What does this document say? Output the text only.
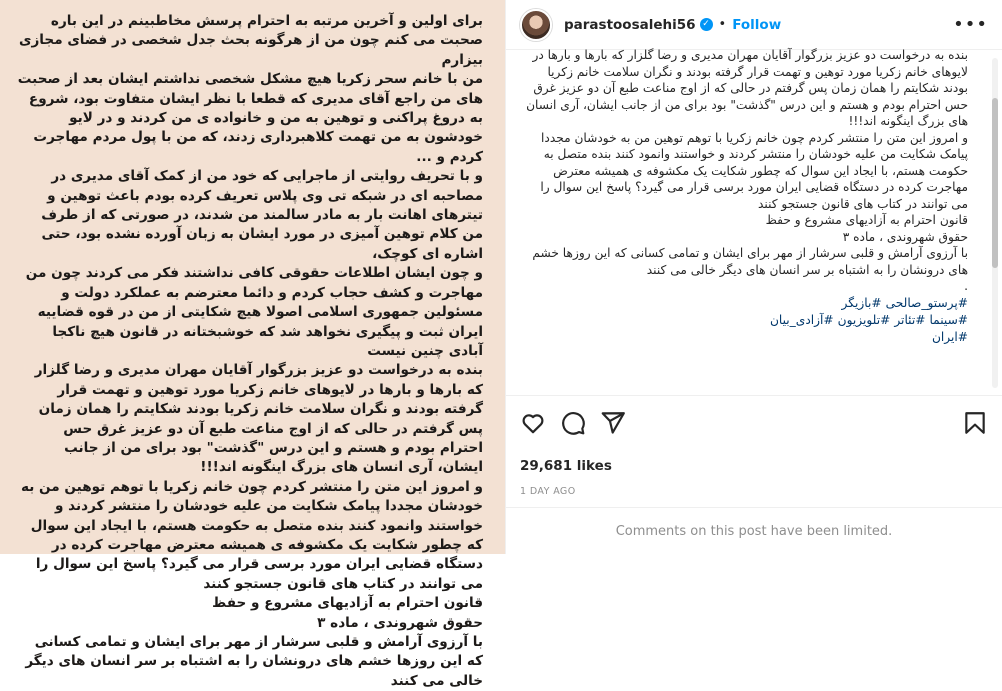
برای اولین و آخرین مرتبه به احترام پرسش مخاطبینم در این باره صحبت می کنم چون من از هرگونه بحث جدل شخصی در فضای مجازی بیزارم

من با خانم سحر زکریا هیچ مشکل شخصی نداشتم ایشان بعد از صحبت های من راجع آقای مدیری که قطعا با نظر ایشان متفاوت بود، شروع به دروغ پراکنی و توهین به من و خانواده ی من کردند و در لایو خودشون به من تهمت کلاهبرداری زدند، که من با پول مردم مهاجرت کردم و ...

و با تحریف روایتی از ماجرایی که خود من از کمک آقای مدیری در مصاحبه ای در شبکه تی وی پلاس تعریف کرده بودم باعث توهین و تیترهای اهانت بار به مادر سالمند من شدند، در صورتی که از طرف من کلام توهین آمیزی در مورد ایشان به زبان آورده نشده بود، حتی اشاره ای کوچک،

و چون ایشان اطلاعات حقوقی کافی نداشتند فکر می کردند چون من مهاجرت و کشف حجاب کردم و دائما معترضم به عملکرد دولت و مسئولین جمهوری اسلامی اصولا هیچ شکایتی از من در قوه قضاییه ایران ثبت و پیگیری نخواهد شد که خوشبختانه در قانون هیچ ناکجا آبادی چنین نیست

بنده به درخواست دو عزیز بزرگوار آقایان مهران مدیری و رضا گلزار که بارها و بارها در لایوهای خانم زکریا مورد توهین و تهمت قرار گرفته بودند و نگران سلامت خانم زکریا بودند شکایتم را همان زمان پس گرفتم در حالی که از اوج مناعت طبع آن دو عزیز غرق حس احترام بودم و هستم و این درس "گذشت" بود برای من از جانب ایشان، آری انسان های بزرگ اینگونه اند!!!

و امروز این متن را منتشر کردم چون خانم زکریا با توهم توهین من به خودشان مجددا پیامک شکایت من علیه خودشان را منتشر کردند و خواستند وانمود کنند بنده متصل به حکومت هستم، با ایجاد این سوال که چطور شکایت یک مکشوفه ی همیشه معترض مهاجرت کرده در دستگاه قضایی ایران مورد برسی قرار می گیرد؟ پاسخ این سوال را می توانند در کتاب های قانون جستجو کنند

قانون احترام به آزادیهای مشروع و حفظ

حقوق شهروندی ، ماده ۳

با آرزوی آرامش و قلبی سرشار از مهر برای ایشان و تمامی کسانی که این روزها خشم های درونشان را به اشتباه بر سر انسان های دیگر خالی می کنند

parastoosalehi56 ✓ • Follow	•••

بنده به درخواست دو عزیز بزرگوار آقایان مهران مدیری و رضا گلزار که بارها و بارها در لایوهای خانم زکریا مورد توهین و تهمت قرار گرفته بودند و نگران سلامت خانم زکریا بودند شکایتم را همان زمان پس گرفتم در حالی که از اوج مناعت طبع آن دو عزیز غرق حس احترام بودم و هستم و این درس "گذشت" بود برای من از جانب ایشان، آری انسان های بزرگ اینگونه اند!!!

و امروز این متن را منتشر کردم چون خانم زکریا با توهم توهین من به خودشان مجددا پیامک شکایت من علیه خودشان را منتشر کردند و خواستند وانمود کنند بنده متصل به حکومت هستم، با ایجاد این سوال که چطور شکایت یک مکشوفه ی همیشه معترض مهاجرت کرده در دستگاه قضایی ایران مورد برسی قرار می گیرد؟ پاسخ این سوال را می توانند در کتاب های قانون جستجو کنند

قانون احترام به آزادیهای مشروع و حفظ

حقوق شهروندی ، ماده ۳

با آرزوی آرامش و قلبی سرشار از مهر برای ایشان و تمامی کسانی که این روزها خشم های درونشان را به اشتباه بر سر انسان های دیگر خالی می کنند

.

#پرستو_صالحی#بازیگر
#سینما#تئاتر#تلویزیون#آزادی_بیان
#ایران
29,681 likes
1 DAY AGO
Comments on this post have been limited.
